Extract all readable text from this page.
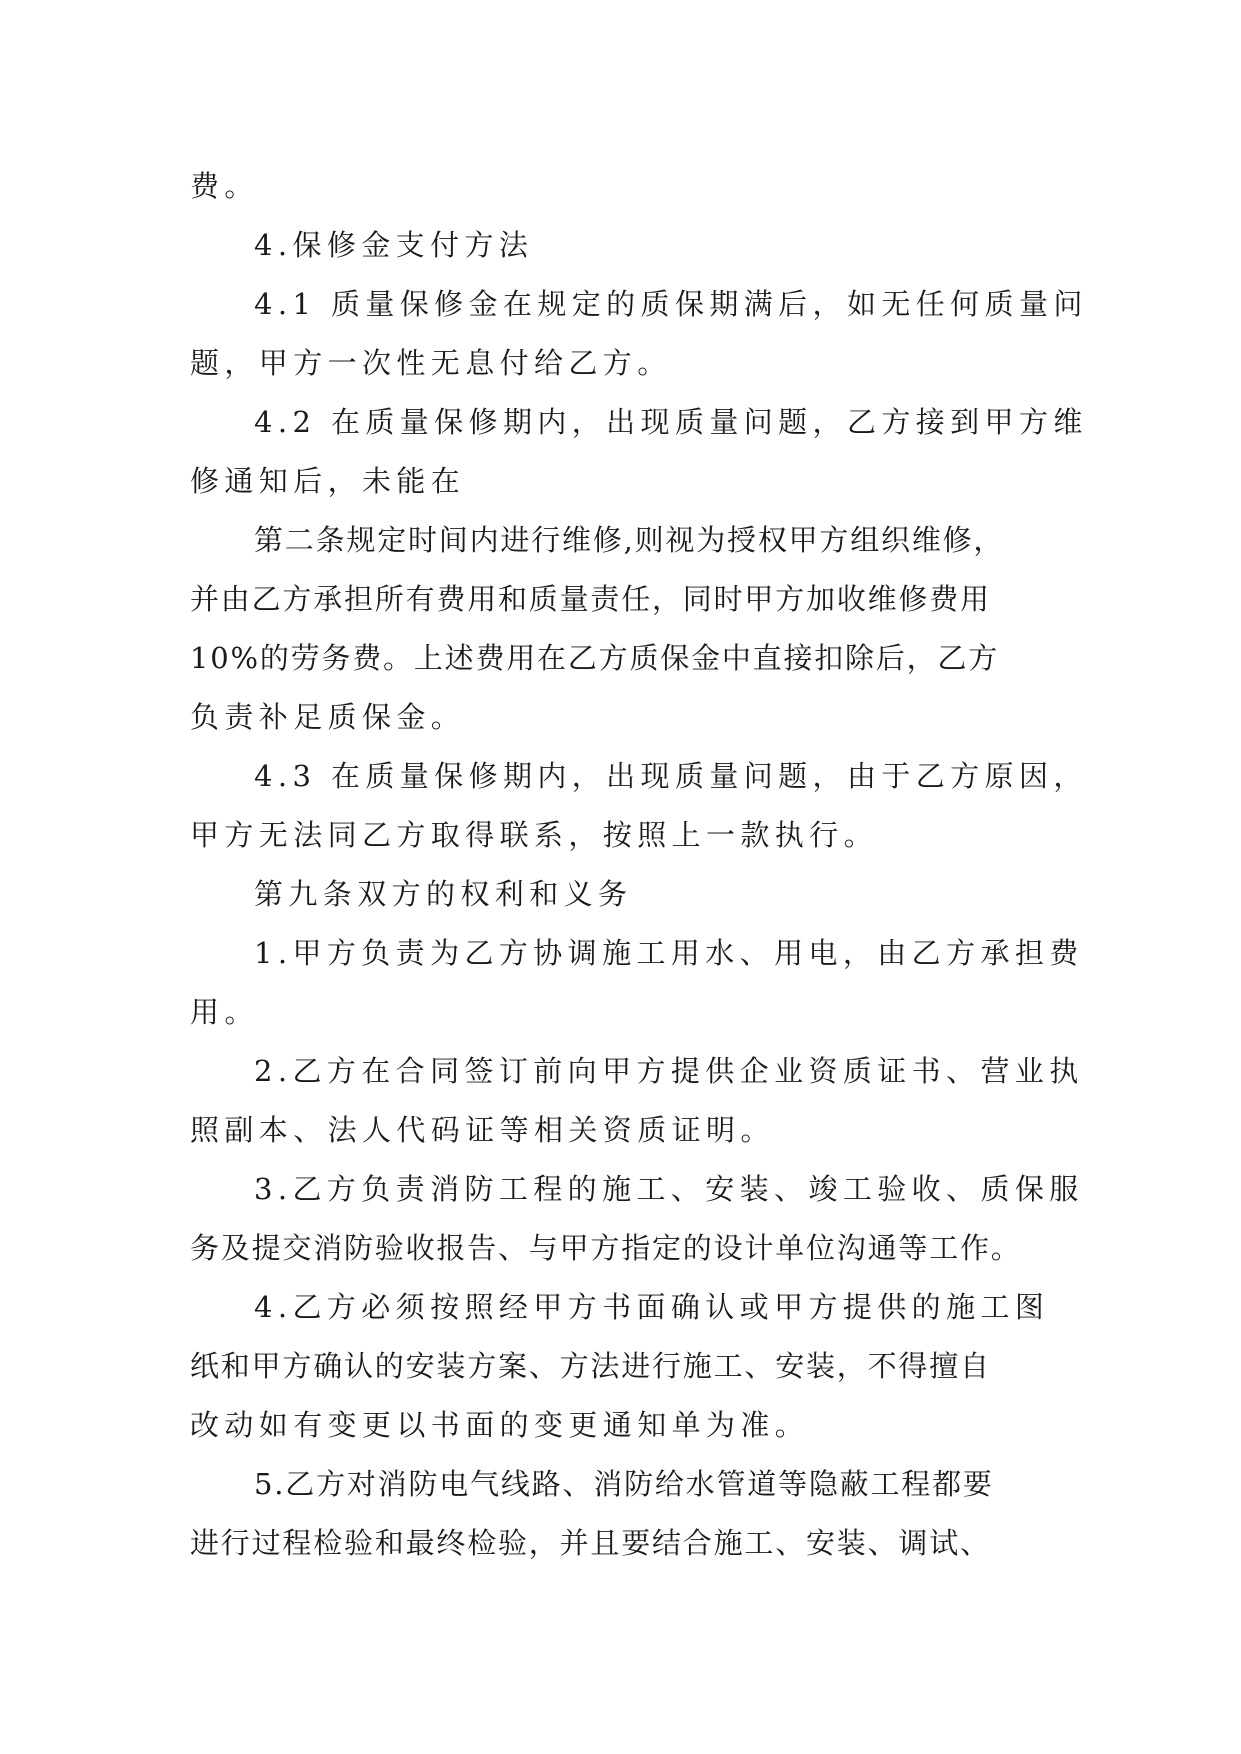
费。
4.保修金支付方法
4.1 质量保修金在规定的质保期满后，如无任何质量问
题，甲方一次性无息付给乙方。
4.2 在质量保修期内，出现质量问题，乙方接到甲方维
修通知后，未能在
第二条规定时间内进行维修,则视为授权甲方组织维修，
并由乙方承担所有费用和质量责任，同时甲方加收维修费用
10%的劳务费。上述费用在乙方质保金中直接扣除后，乙方
负责补足质保金。
4.3 在质量保修期内，出现质量问题，由于乙方原因，
甲方无法同乙方取得联系，按照上一款执行。
第九条双方的权利和义务
1.甲方负责为乙方协调施工用水、用电，由乙方承担费
用。
2.乙方在合同签订前向甲方提供企业资质证书、营业执
照副本、法人代码证等相关资质证明。
3.乙方负责消防工程的施工、安装、竣工验收、质保服
务及提交消防验收报告、与甲方指定的设计单位沟通等工作。
4.乙方必须按照经甲方书面确认或甲方提供的施工图
纸和甲方确认的安装方案、方法进行施工、安装，不得擅自
改动如有变更以书面的变更通知单为准。
5.乙方对消防电气线路、消防给水管道等隐蔽工程都要
进行过程检验和最终检验，并且要结合施工、安装、调试、
